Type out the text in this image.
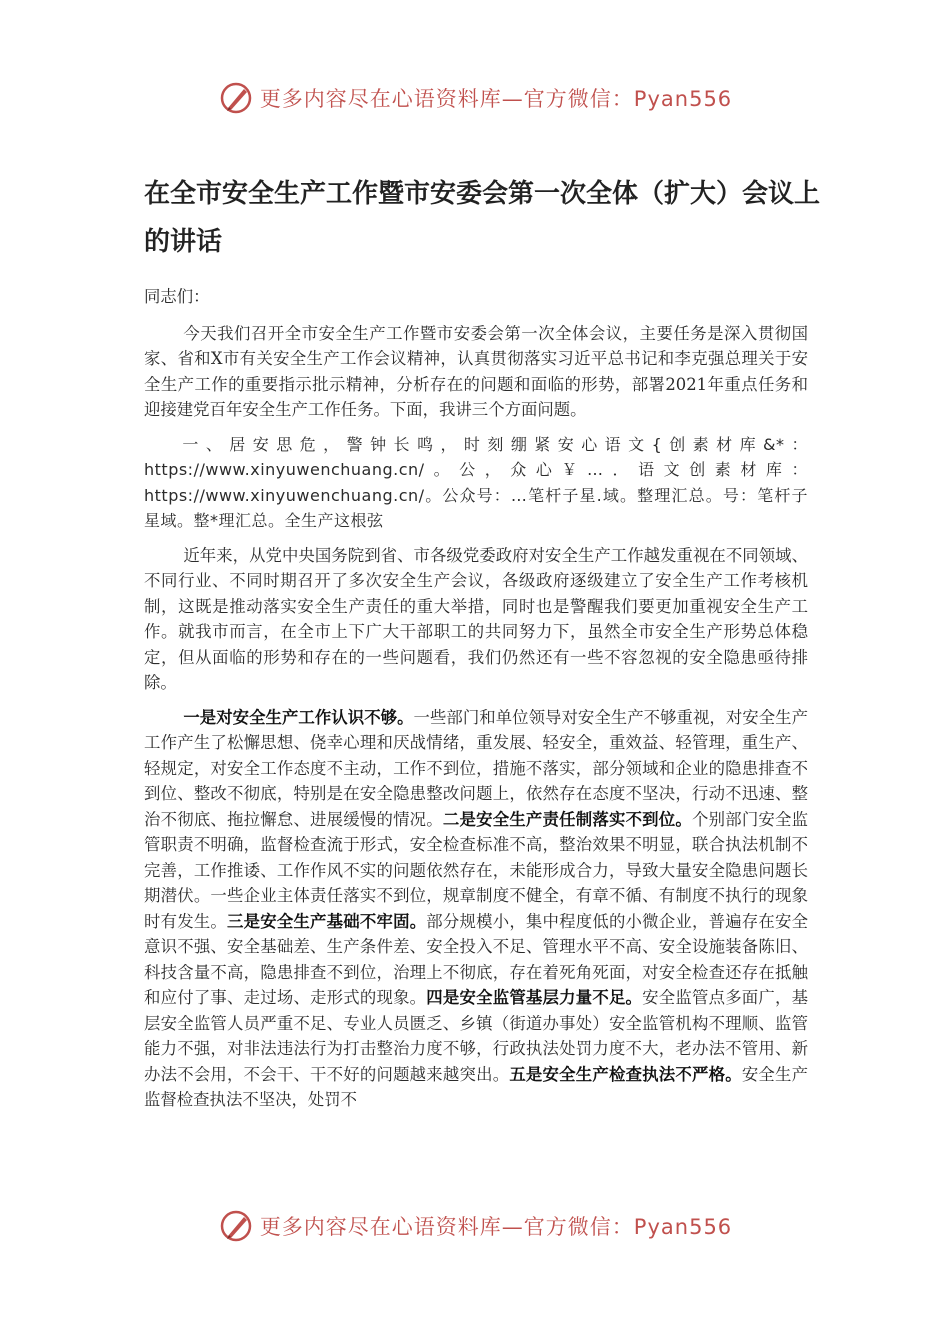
更多内容尽在心语资料库—官方微信：Pyan556
在全市安全生产工作暨市安委会第一次全体（扩大）会议上的讲话

同志们：

今天我们召开全市安全生产工作暨市安委会第一次全体会议，主要任务是深入贯彻国家、省和X市有关安全生产工作会议精神，认真贯彻落实习近平总书记和李克强总理关于安全生产工作的重要指示批示精神，分析存在的问题和面临的形势，部署2021年重点任务和迎接建党百年安全生产工作任务。下面，我讲三个方面问题。

一、居安思危，警钟长鸣，时刻绷紧安心语文{创素材库&*：https://www.xinyuwenchuang.cn/。公，众心￥…．语文创素材库：https://www.xinyuwenchuang.cn/。公众号：…笔杆子星.域。整理汇总。号：笔杆子星域。整*理汇总。全生产这根弦

近年来，从党中央国务院到省、市各级党委政府对安全生产工作越发重视在不同领域、不同行业、不同时期召开了多次安全生产会议，各级政府逐级建立了安全生产工作考核机制，这既是推动落实安全生产责任的重大举措，同时也是警醒我们要更加重视安全生产工作。就我市而言，在全市上下广大干部职工的共同努力下，虽然全市安全生产形势总体稳定，但从面临的形势和存在的一些问题看，我们仍然还有一些不容忽视的安全隐患亟待排除。

一是对安全生产工作认识不够。一些部门和单位领导对安全生产不够重视，对安全生产工作产生了松懈思想、侥幸心理和厌战情绪，重发展、轻安全，重效益、轻管理，重生产、轻规定，对安全工作态度不主动，工作不到位，措施不落实，部分领域和企业的隐患排查不到位、整改不彻底，特别是在安全隐患整改问题上，依然存在态度不坚决，行动不迅速、整治不彻底、拖拉懈怠、进展缓慢的情况。二是安全生产责任制落实不到位。个别部门安全监管职责不明确，监督检查流于形式，安全检查标准不高，整治效果不明显，联合执法机制不完善，工作推诿、工作作风不实的问题依然存在，未能形成合力，导致大量安全隐患问题长期潜伏。一些企业主体责任落实不到位，规章制度不健全，有章不循、有制度不执行的现象时有发生。三是安全生产基础不牢固。部分规模小，集中程度低的小微企业，普遍存在安全意识不强、安全基础差、生产条件差、安全投入不足、管理水平不高、安全设施装备陈旧、科技含量不高，隐患排查不到位，治理上不彻底，存在着死角死面，对安全检查还存在抵触和应付了事、走过场、走形式的现象。四是安全监管基层力量不足。安全监管点多面广，基层安全监管人员严重不足、专业人员匮乏、乡镇（街道办事处）安全监管机构不理顺、监管能力不强，对非法违法行为打击整治力度不够，行政执法处罚力度不大，老办法不管用、新办法不会用，不会干、干不好的问题越来越突出。五是安全生产检查执法不严格。安全生产监督检查执法不坚决，处罚不

更多内容尽在心语资料库—官方微信：Pyan556
